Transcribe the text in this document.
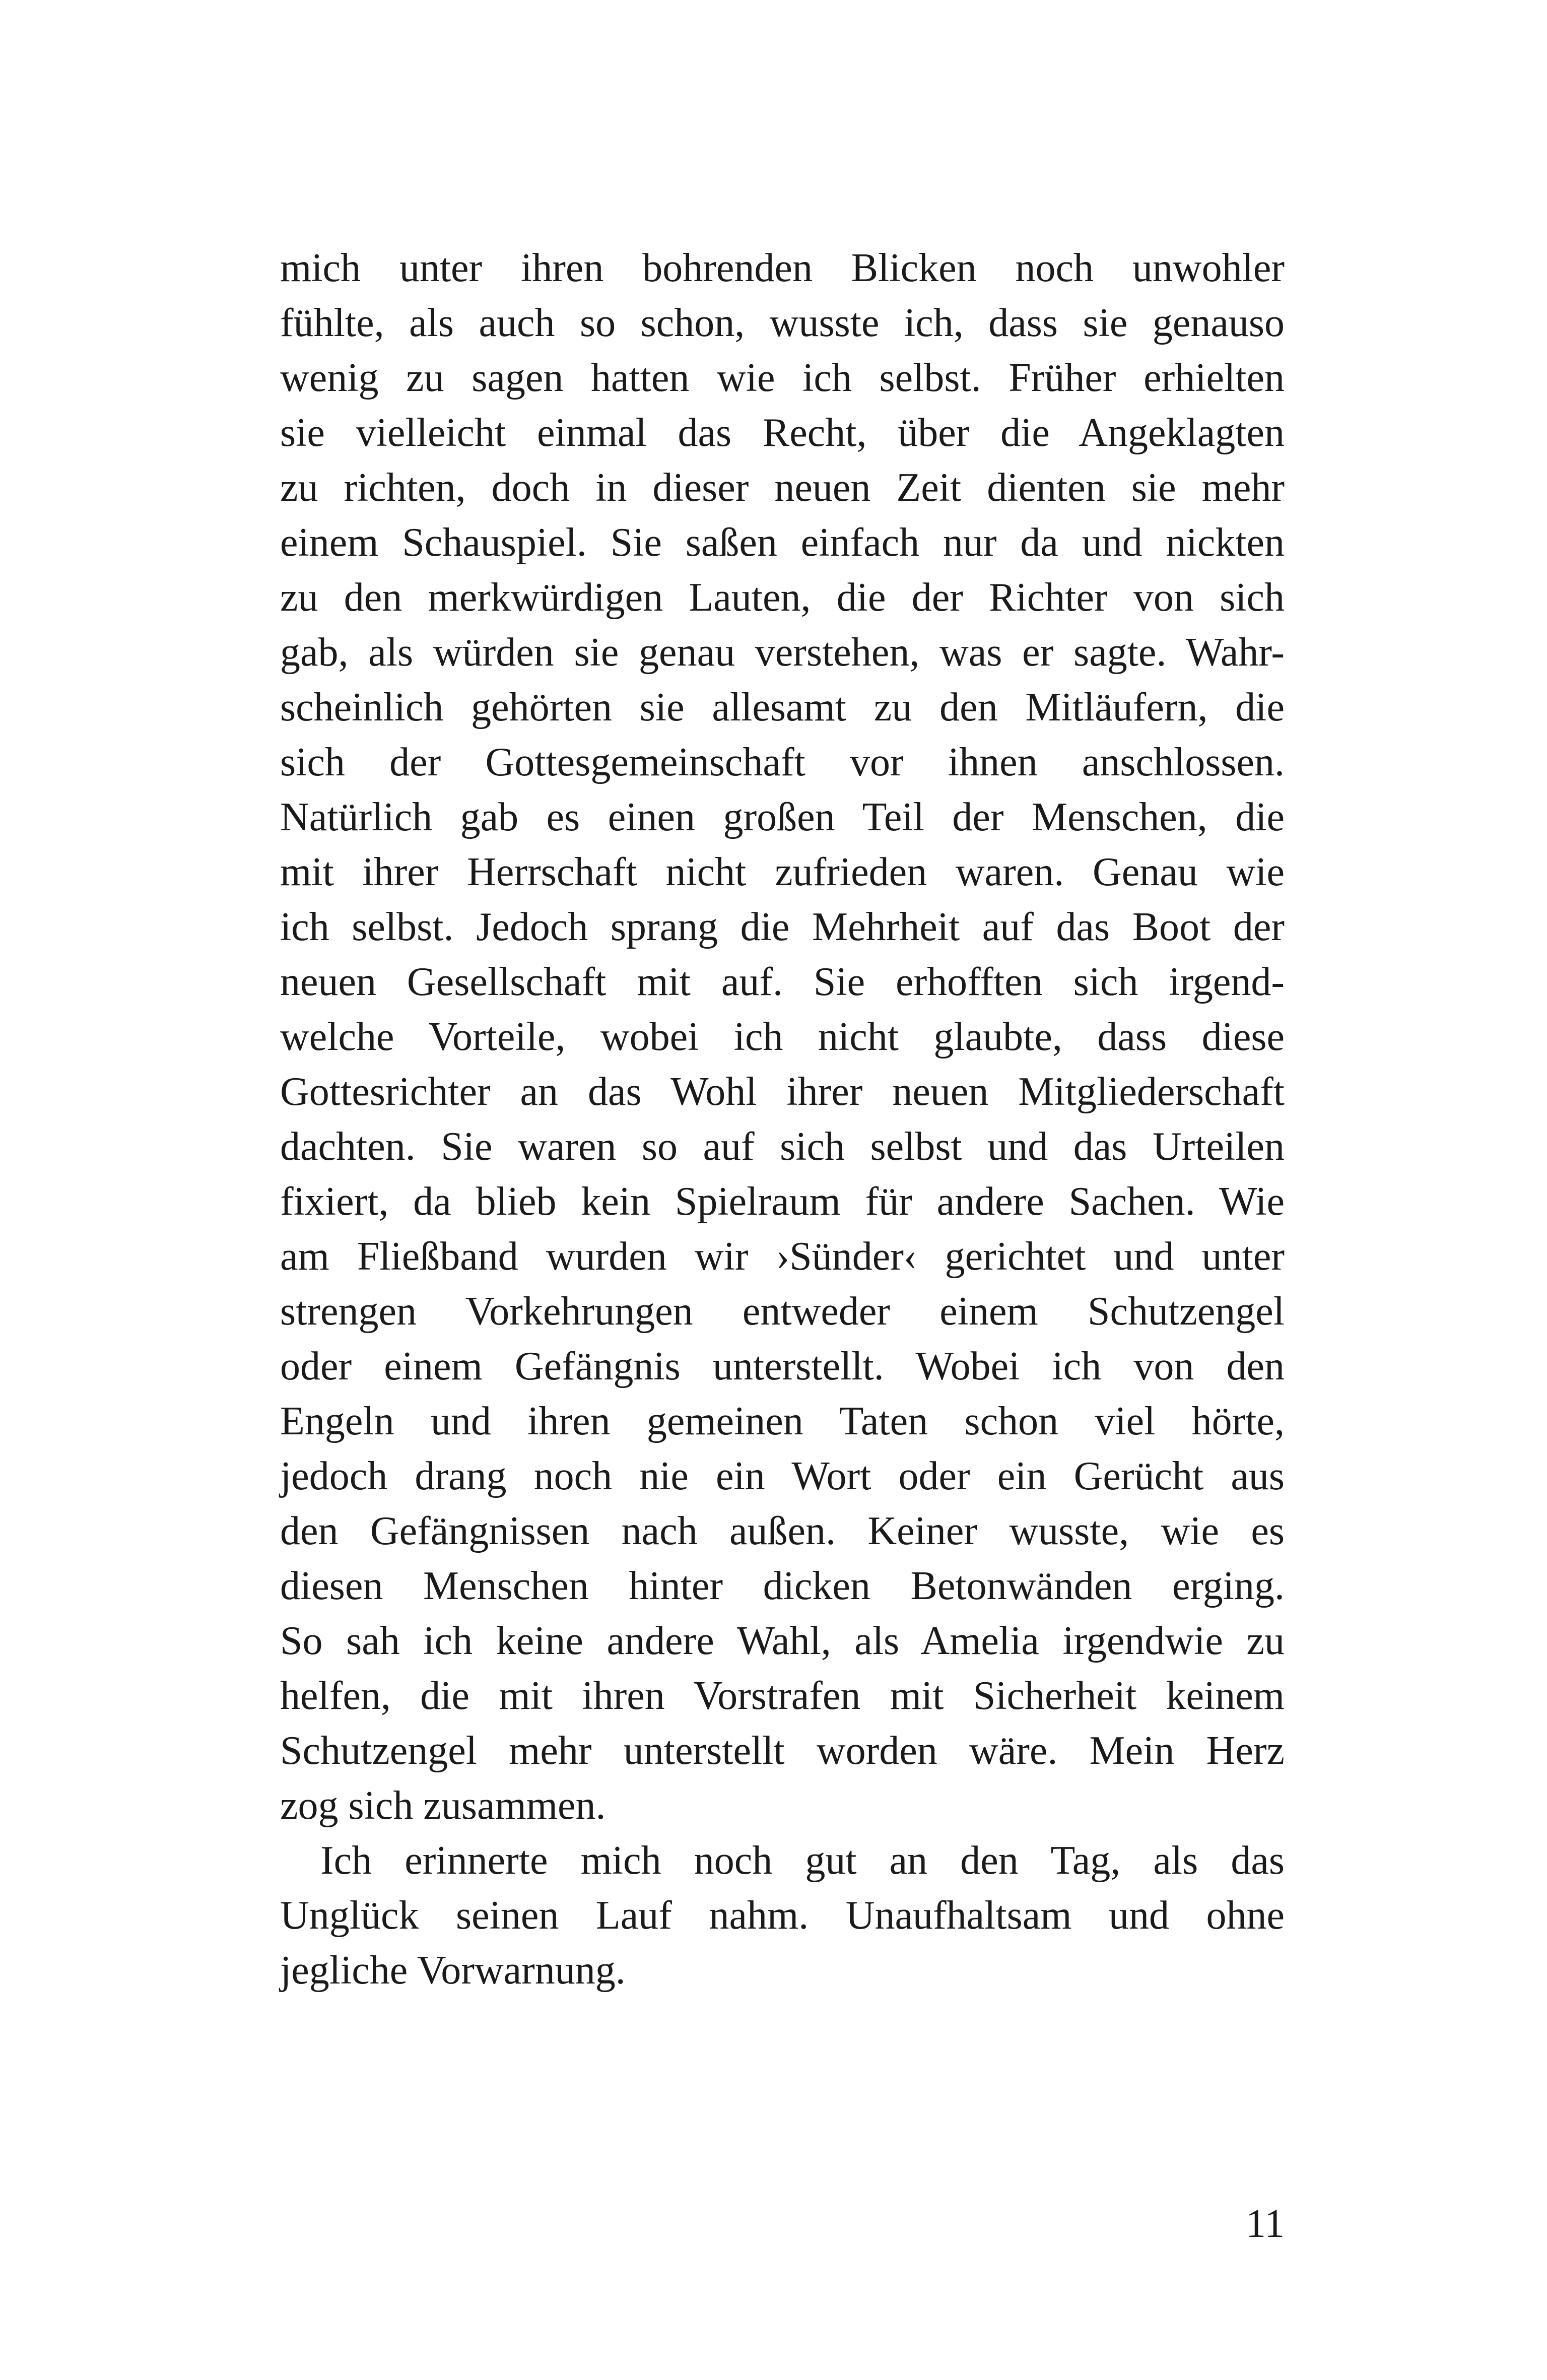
mich unter ihren bohrenden Blicken noch unwohler
fühlte, als auch so schon, wusste ich, dass sie genauso
wenig zu sagen hatten wie ich selbst. Früher erhielten
sie vielleicht einmal das Recht, über die Angeklagten
zu richten, doch in dieser neuen Zeit dienten sie mehr
einem Schauspiel. Sie saßen einfach nur da und nickten
zu den merkwürdigen Lauten, die der Richter von sich
gab, als würden sie genau verstehen, was er sagte. Wahr-
scheinlich gehörten sie allesamt zu den Mitläufern, die
sich der Gottesgemeinschaft vor ihnen anschlossen.
Natürlich gab es einen großen Teil der Menschen, die
mit ihrer Herrschaft nicht zufrieden waren. Genau wie
ich selbst. Jedoch sprang die Mehrheit auf das Boot der
neuen Gesellschaft mit auf. Sie erhofften sich irgend-
welche Vorteile, wobei ich nicht glaubte, dass diese
Gottesrichter an das Wohl ihrer neuen Mitgliederschaft
dachten. Sie waren so auf sich selbst und das Urteilen
fixiert, da blieb kein Spielraum für andere Sachen. Wie
am Fließband wurden wir ›Sünder‹ gerichtet und unter
strengen Vorkehrungen entweder einem Schutzengel
oder einem Gefängnis unterstellt. Wobei ich von den
Engeln und ihren gemeinen Taten schon viel hörte,
jedoch drang noch nie ein Wort oder ein Gerücht aus
den Gefängnissen nach außen. Keiner wusste, wie es
diesen Menschen hinter dicken Betonwänden erging.
So sah ich keine andere Wahl, als Amelia irgendwie zu
helfen, die mit ihren Vorstrafen mit Sicherheit keinem
Schutzengel mehr unterstellt worden wäre. Mein Herz
zog sich zusammen.
Ich erinnerte mich noch gut an den Tag, als das
Unglück seinen Lauf nahm. Unaufhaltsam und ohne
jegliche Vorwarnung.
11
